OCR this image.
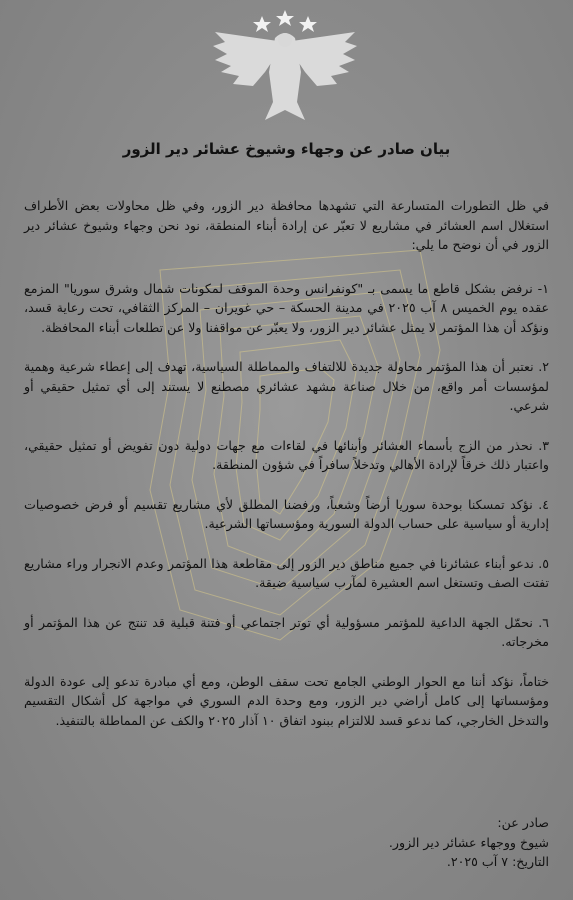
بيان صادر عن وجهاء وشيوخ عشائر دير الزور

في ظل التطورات المتسارعة التي تشهدها محافظة دير الزور، وفي ظل محاولات بعض الأطراف استغلال اسم العشائر في مشاريع لا تعبّر عن إرادة أبناء المنطقة، نود نحن وجهاء وشيوخ عشائر دير الزور في أن نوضح ما يلي:

١- نرفض بشكل قاطع ما يسمى بـ "كونفرانس وحدة الموقف لمكونات شمال وشرق سوريا" المزمع عقده يوم الخميس ٨ آب ٢٠٢٥ في مدينة الحسكة – حي غويران – المركز الثقافي، تحت رعاية قسد، ونؤكد أن هذا المؤتمر لا يمثل عشائر دير الزور، ولا يعبّر عن مواقفنا ولا عن تطلعات أبناء المحافظة.

٢. نعتبر أن هذا المؤتمر محاولة جديدة للالتفاف والمماطلة السياسية، تهدف إلى إعطاء شرعية وهمية لمؤسسات أمر واقع، من خلال صناعة مشهد عشائري مصطنع لا يستند إلى أي تمثيل حقيقي أو شرعي.

٣. نحذر من الزج بأسماء العشائر وأبنائها في لقاءات مع جهات دولية دون تفويض أو تمثيل حقيقي، واعتبار ذلك خرقاً لإرادة الأهالي وتدخلاً سافراً في شؤون المنطقة.

٤. نؤكد تمسكنا بوحدة سوريا أرضاً وشعباً، ورفضنا المطلق لأي مشاريع تقسيم أو فرض خصوصيات إدارية أو سياسية على حساب الدولة السورية ومؤسساتها الشرعية.

٥. ندعو أبناء عشائرنا في جميع مناطق دير الزور إلى مقاطعة هذا المؤتمر وعدم الانجرار وراء مشاريع تفتت الصف وتستغل اسم العشيرة لمآرب سياسية ضيقة.

٦. نحمّل الجهة الداعية للمؤتمر مسؤولية أي توتر اجتماعي أو فتنة قبلية قد تنتج عن هذا المؤتمر أو مخرجاته.

ختاماً، نؤكد أننا مع الحوار الوطني الجامع تحت سقف الوطن، ومع أي مبادرة تدعو إلى عودة الدولة ومؤسساتها إلى كامل أراضي دير الزور، ومع وحدة الدم السوري في مواجهة كل أشكال التقسيم والتدخل الخارجي، كما ندعو قسد للالتزام ببنود اتفاق ١٠ آذار ٢٠٢٥ والكف عن المماطلة بالتنفيذ.

صادر عن:
شيوخ ووجهاء عشائر دير الزور.
التاريخ: ٧ آب ٢٠٢٥.
